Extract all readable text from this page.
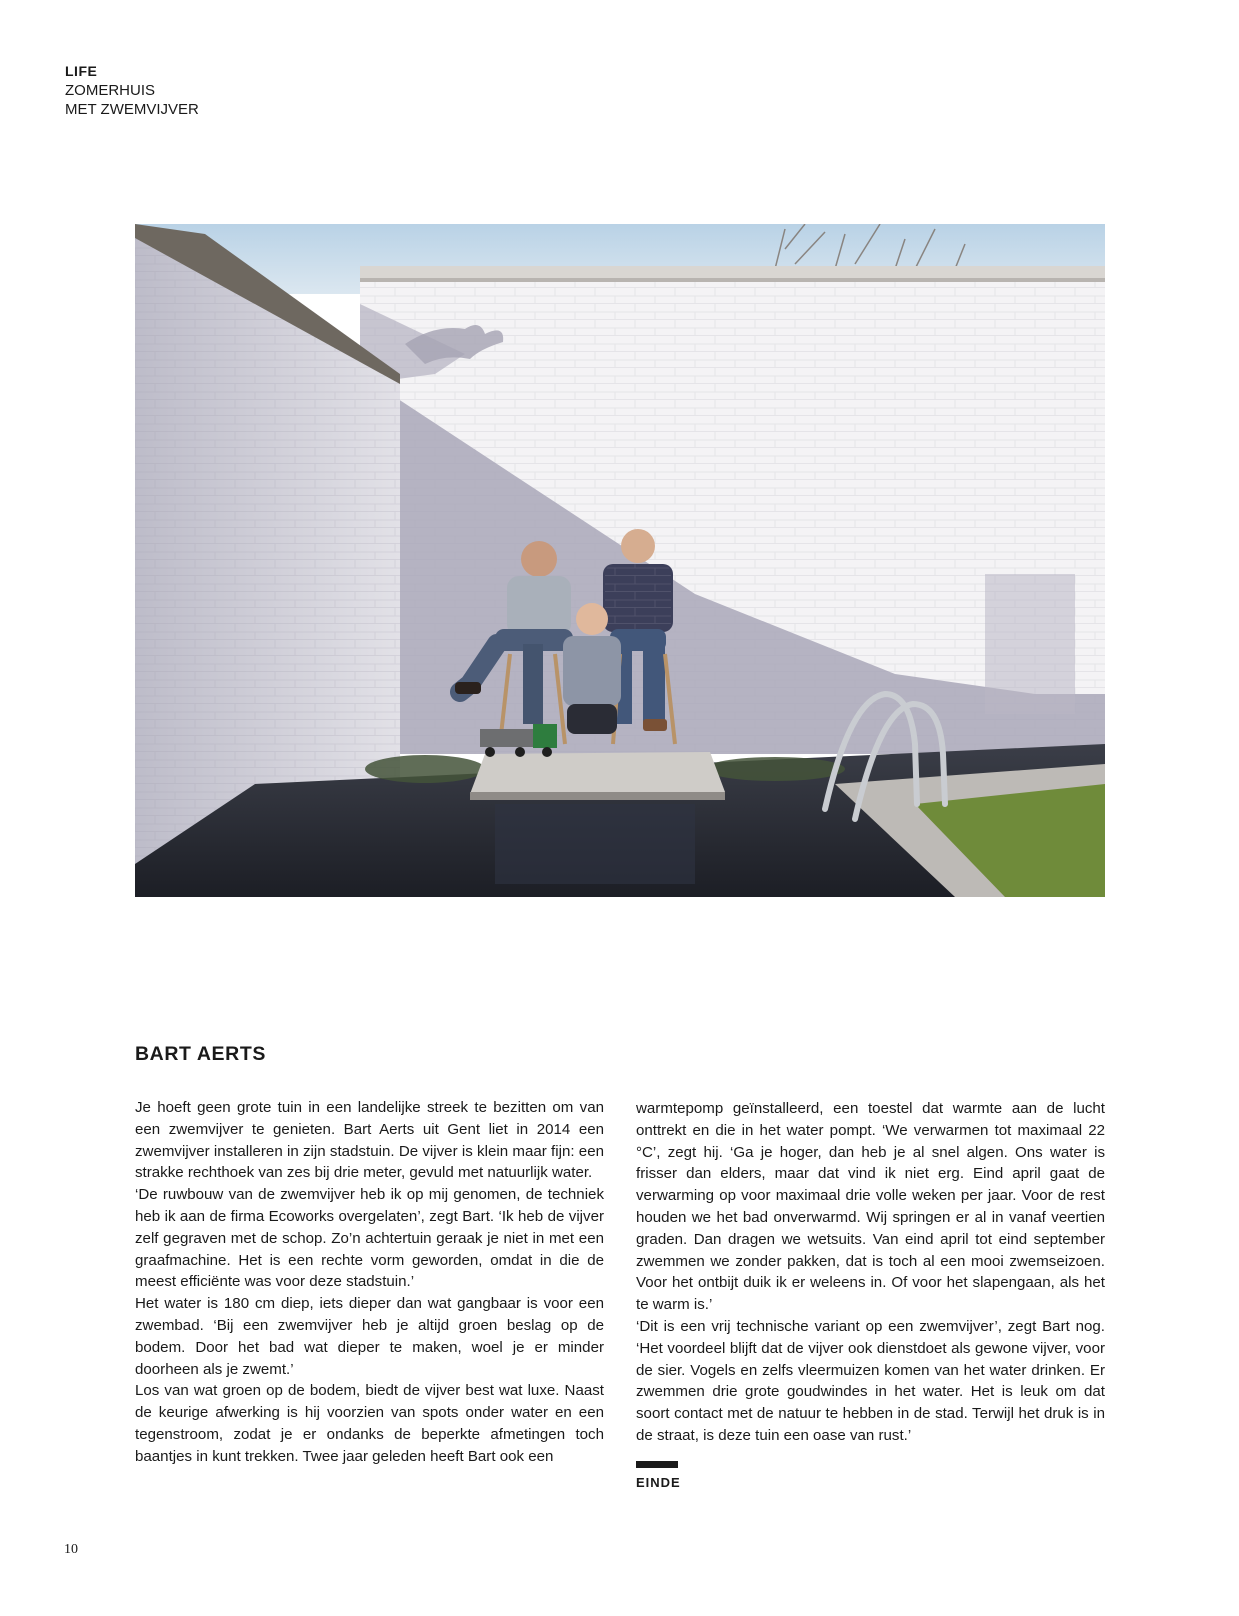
LIFE
ZOMERHUIS
MET ZWEMVIJVER
BART AERTS

Je hoeft geen grote tuin in een landelijke streek te bezitten om van een zwemvijver te genieten. Bart Aerts uit Gent liet in 2014 een zwemvijver installeren in zijn stadstuin. De vijver is klein maar fijn: een strakke rechthoek van zes bij drie meter, gevuld met natuurlijk water.

‘De ruwbouw van de zwemvijver heb ik op mij genomen, de techniek heb ik aan de firma Ecoworks overgelaten’, zegt Bart. ‘Ik heb de vijver zelf gegraven met de schop. Zo’n achtertuin geraak je niet in met een graafmachine. Het is een rechte vorm geworden, omdat in die de meest efficiënte was voor deze stadstuin.’

Het water is 180 cm diep, iets dieper dan wat gangbaar is voor een zwembad. ‘Bij een zwemvijver heb je altijd groen beslag op de bodem. Door het bad wat dieper te maken, woel je er minder doorheen als je zwemt.’

Los van wat groen op de bodem, biedt de vijver best wat luxe. Naast de keurige afwerking is hij voorzien van spots onder water en een tegenstroom, zodat je er ondanks de beperkte afmetingen toch baantjes in kunt trekken. Twee jaar geleden heeft Bart ook een

warmtepomp geïnstalleerd, een toestel dat warmte aan de lucht onttrekt en die in het water pompt. ‘We verwarmen tot maximaal 22 °C’, zegt hij. ‘Ga je hoger, dan heb je al snel algen. Ons water is frisser dan elders, maar dat vind ik niet erg. Eind april gaat de verwarming op voor maximaal drie volle weken per jaar. Voor de rest houden we het bad onverwarmd. Wij springen er al in vanaf veertien graden. Dan dragen we wetsuits. Van eind april tot eind september zwemmen we zonder pakken, dat is toch al een mooi zwemseizoen. Voor het ontbijt duik ik er weleens in. Of voor het slapengaan, als het te warm is.’

‘Dit is een vrij technische variant op een zwemvijver’, zegt Bart nog. ‘Het voordeel blijft dat de vijver ook dienstdoet als gewone vijver, voor de sier. Vogels en zelfs vleermuizen komen van het water drinken. Er zwemmen drie grote goudwindes in het water. Het is leuk om dat soort contact met de natuur te hebben in de stad. Terwijl het druk is in de straat, is deze tuin een oase van rust.’

EINDE
10
